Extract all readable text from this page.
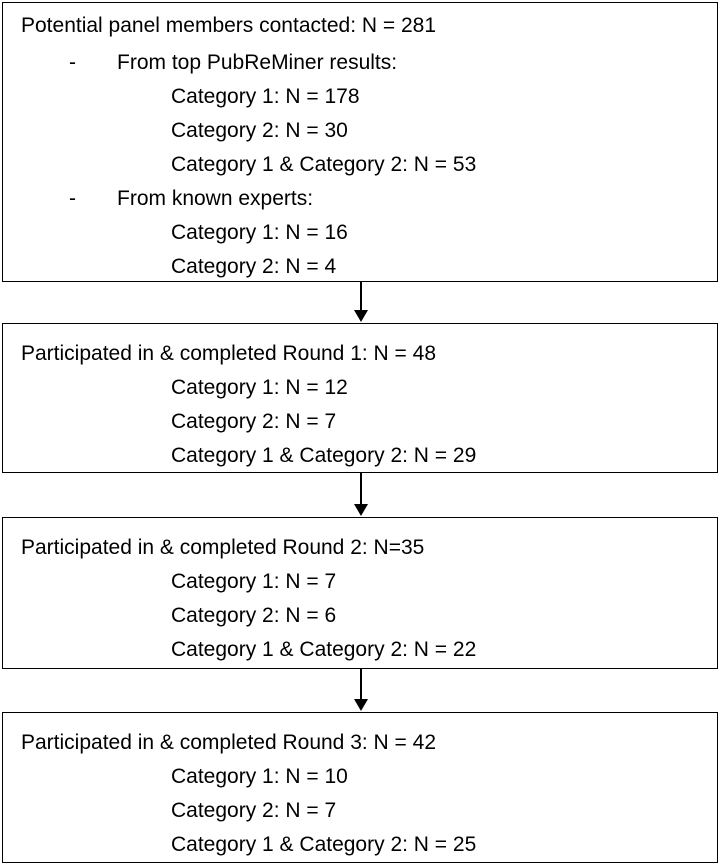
Potential panel members contacted: N = 281
- From top PubReMiner results:
Category 1: N = 178
Category 2: N = 30
Category 1 & Category 2: N = 53
- From known experts:
Category 1: N = 16
Category 2: N = 4
Participated in & completed Round 1: N = 48
Category 1: N = 12
Category 2: N = 7
Category 1 & Category 2: N = 29
Participated in & completed Round 2: N=35
Category 1: N = 7
Category 2: N = 6
Category 1 & Category 2: N = 22
Participated in & completed Round 3: N = 42
Category 1: N = 10
Category 2: N = 7
Category 1 & Category 2: N = 25
